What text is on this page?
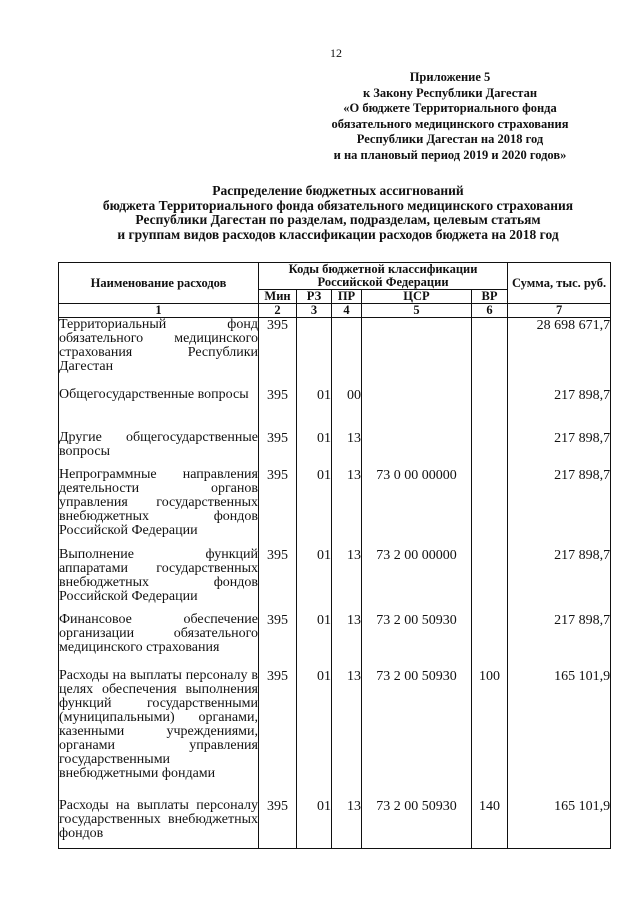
12
Приложение 5
к Закону Республики Дагестан
«О бюджете Территориального фонда
обязательного медицинского страхования
Республики Дагестан на 2018 год
и на плановый период 2019 и 2020 годов»
Распределение бюджетных ассигнований
бюджета Территориального фонда обязательного медицинского страхования
Республики Дагестан по разделам, подразделам, целевым статьям
и группам видов расходов классификации расходов бюджета на 2018 год
Наименование расходов	Коды бюджетной классификации Российской Федерации					Сумма, тыс. руб.
	Мин	РЗ	ПР	ЦСР	ВР	
1	2	3	4	5	6	7
Территориальный фонд обязательного медицинского страхования Республики Дагестан	395					28 698 671,7
Общегосударственные вопросы	395	01	00			217 898,7
Другие общегосударственные вопросы	395	01	13			217 898,7
Непрограммные направления деятельности органов управления государственных внебюджетных фондов Российской Федерации	395	01	13	73 0 00 00000		217 898,7
Выполнение функций аппаратами государственных внебюджетных фондов Российской Федерации	395	01	13	73 2 00 00000		217 898,7
Финансовое обеспечение организации обязательного медицинского страхования	395	01	13	73 2 00 50930		217 898,7
Расходы на выплаты персоналу в целях обеспечения выполнения функций государственными (муниципальными) органами, казенными учреждениями, органами управления государственными внебюджетными фондами	395	01	13	73 2 00 50930	100	165 101,9
Расходы на выплаты персоналу государственных внебюджетных фондов	395	01	13	73 2 00 50930	140	165 101,9
